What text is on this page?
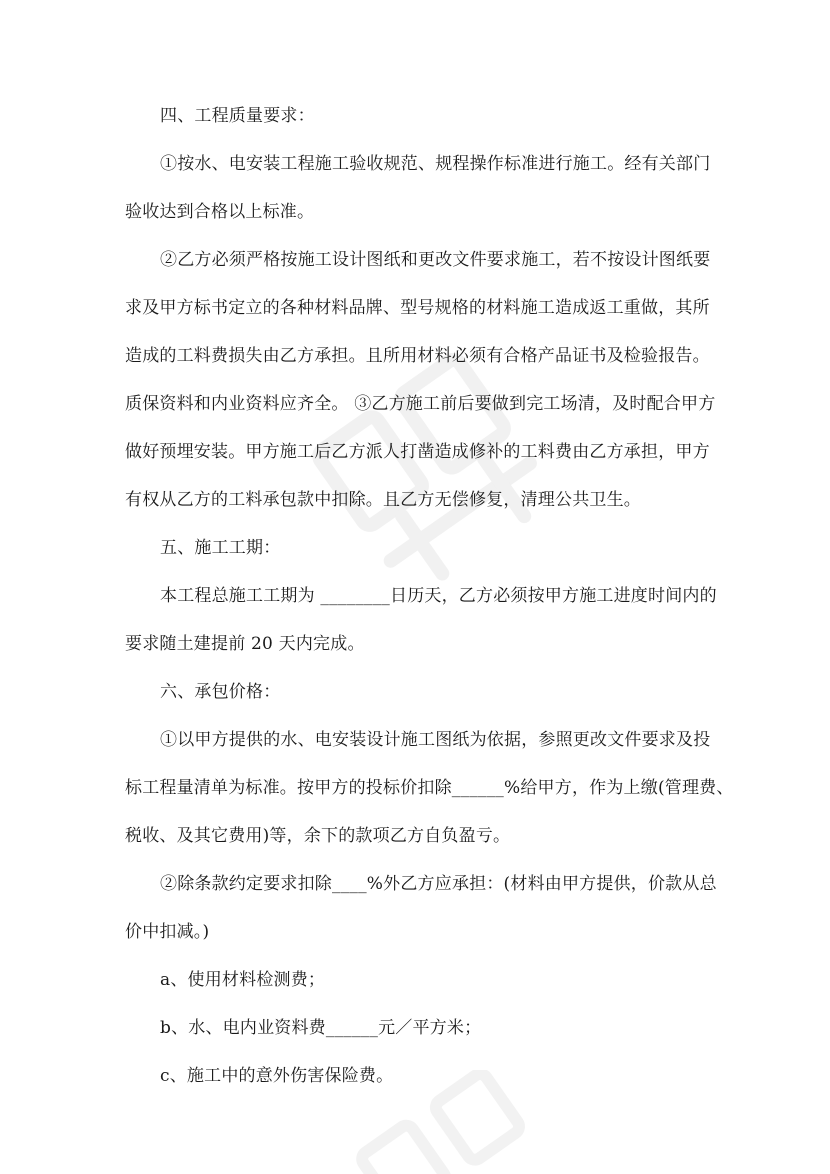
四、工程质量要求：
①按水、电安装工程施工验收规范、规程操作标准进行施工。经有关部门
验收达到合格以上标准。
②乙方必须严格按施工设计图纸和更改文件要求施工，若不按设计图纸要
求及甲方标书定立的各种材料品牌、型号规格的材料施工造成返工重做，其所
造成的工料费损失由乙方承担。且所用材料必须有合格产品证书及检验报告。
质保资料和内业资料应齐全。 ③乙方施工前后要做到完工场清，及时配合甲方
做好预埋安装。甲方施工后乙方派人打凿造成修补的工料费由乙方承担，甲方
有权从乙方的工料承包款中扣除。且乙方无偿修复，清理公共卫生。
五、施工工期：
本工程总施工工期为 ________日历天，乙方必须按甲方施工进度时间内的
要求随土建提前 20 天内完成。
六、承包价格：
①以甲方提供的水、电安装设计施工图纸为依据，参照更改文件要求及投
标工程量清单为标准。按甲方的投标价扣除______%给甲方，作为上缴(管理费、
税收、及其它费用)等，余下的款项乙方自负盈亏。
②除条款约定要求扣除____%外乙方应承担：(材料由甲方提供，价款从总
价中扣减。)
a、使用材料检测费；
b、水、电内业资料费______元／平方米；
c、施工中的意外伤害保险费。
